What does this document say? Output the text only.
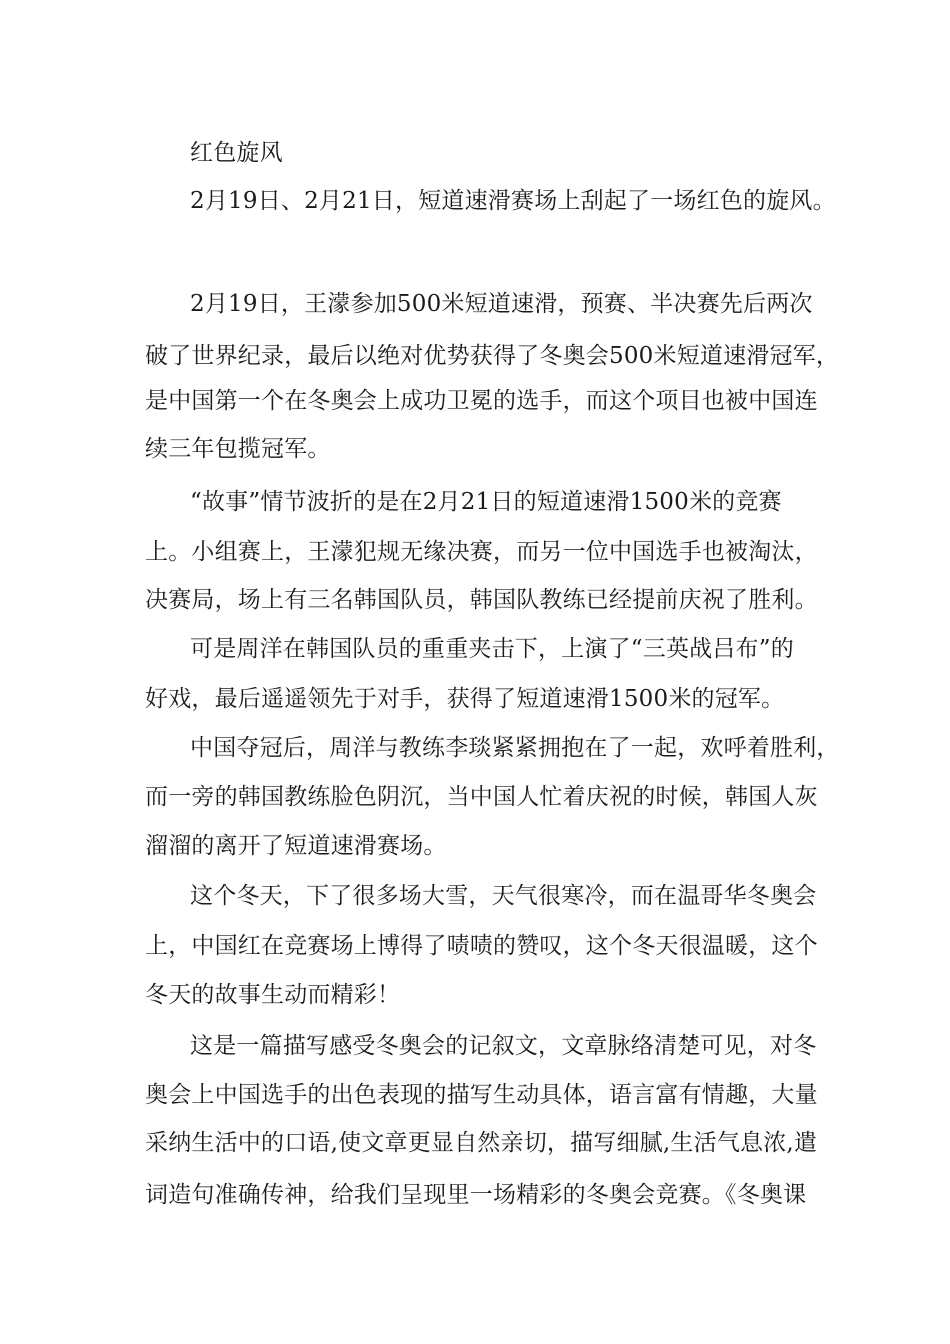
红色旋风
2月19日、2月21日，短道速滑赛场上刮起了一场红色的旋风。
2月19日，王濛参加500米短道速滑，预赛、半决赛先后两次
破了世界纪录，最后以绝对优势获得了冬奥会500米短道速滑冠军，
是中国第一个在冬奥会上成功卫冕的选手，而这个项目也被中国连
续三年包揽冠军。
“故事”情节波折的是在2月21日的短道速滑1500米的竞赛
上。小组赛上，王濛犯规无缘决赛，而另一位中国选手也被淘汰，
决赛局，场上有三名韩国队员，韩国队教练已经提前庆祝了胜利。
可是周洋在韩国队员的重重夹击下，上演了“三英战吕布”的
好戏，最后遥遥领先于对手，获得了短道速滑1500米的冠军。
中国夺冠后，周洋与教练李琰紧紧拥抱在了一起，欢呼着胜利，
而一旁的韩国教练脸色阴沉，当中国人忙着庆祝的时候，韩国人灰
溜溜的离开了短道速滑赛场。
这个冬天，下了很多场大雪，天气很寒冷，而在温哥华冬奥会
上，中国红在竞赛场上博得了啧啧的赞叹，这个冬天很温暖，这个
冬天的故事生动而精彩！
这是一篇描写感受冬奥会的记叙文，文章脉络清楚可见，对冬
奥会上中国选手的出色表现的描写生动具体，语言富有情趣，大量
采纳生活中的口语,使文章更显自然亲切，描写细腻,生活气息浓,遣
词造句准确传神，给我们呈现里一场精彩的冬奥会竞赛。《冬奥课
